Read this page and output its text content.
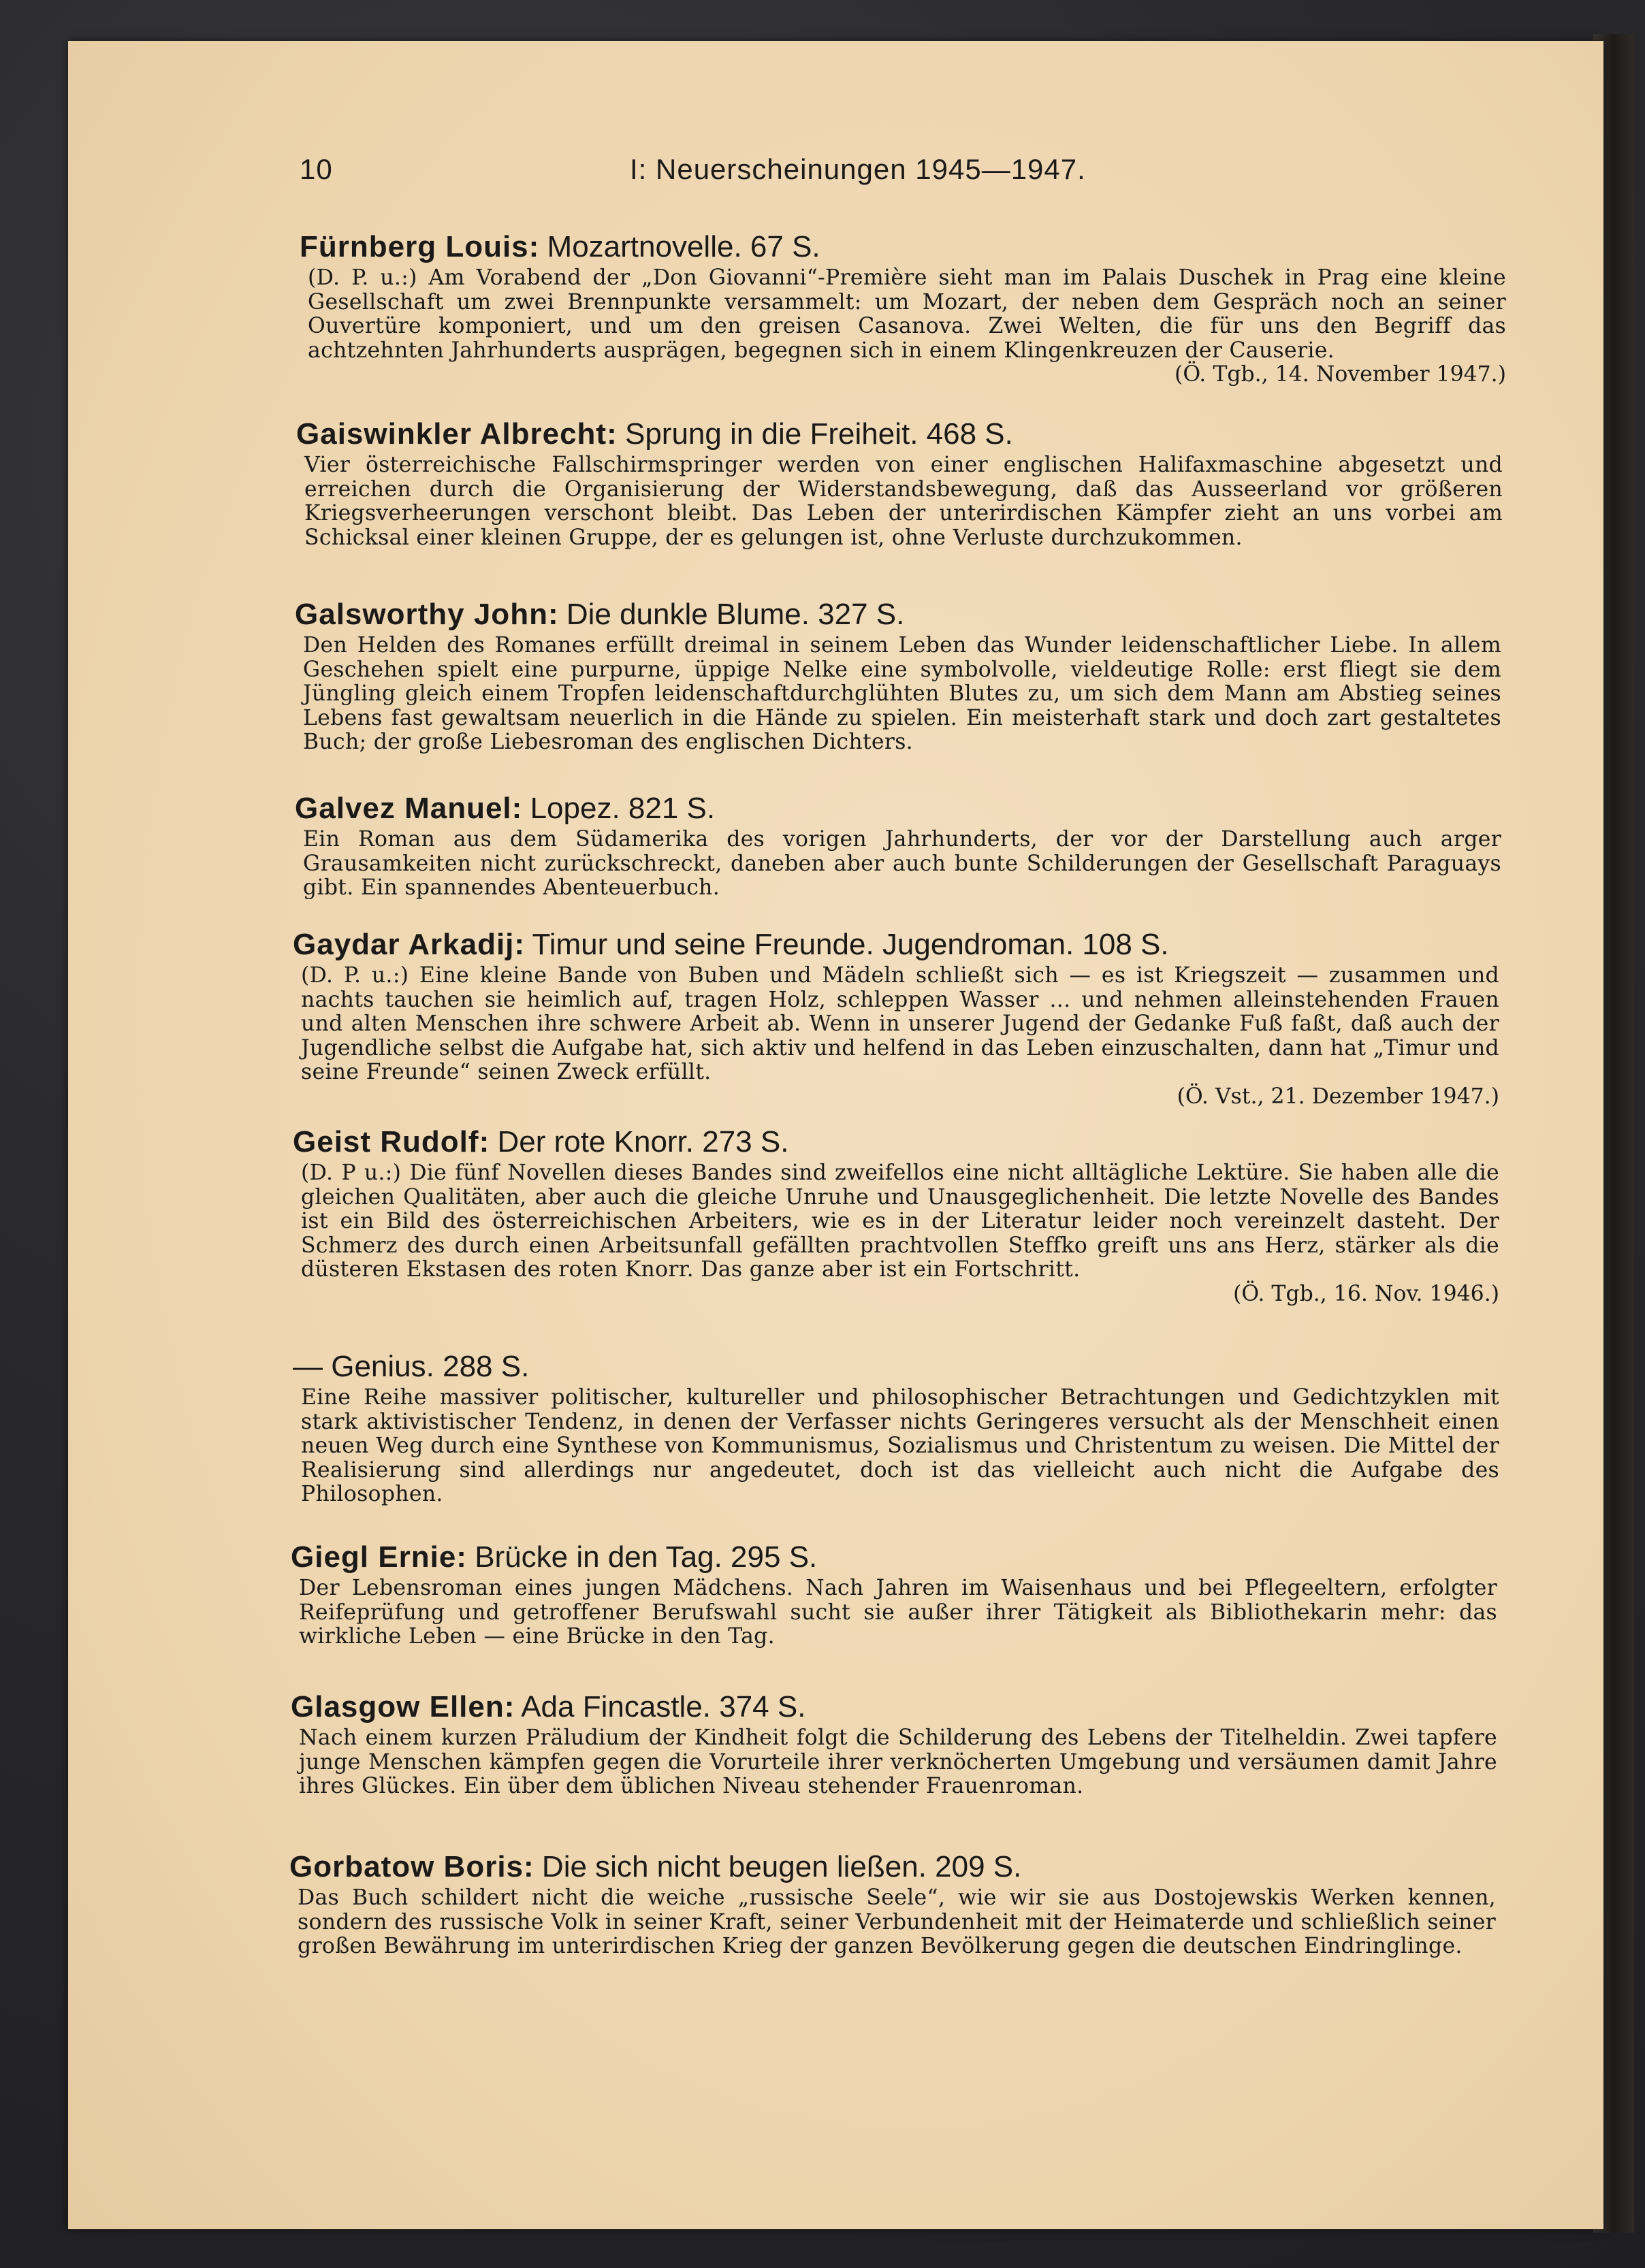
10	I: Neuerscheinungen 1945—1947.
Fürnberg Louis: Mozartnovelle. 67 S.
(D. P. u.:) Am Vorabend der „Don Giovanni“-Première sieht man im Palais Duschek in Prag eine kleine Gesellschaft um zwei Brennpunkte versammelt: um Mozart, der neben dem Gespräch noch an seiner Ouvertüre komponiert, und um den greisen Casanova. Zwei Welten, die für uns den Begriff das achtzehnten Jahrhunderts ausprägen, begegnen sich in einem Klingenkreuzen der Causerie.
(Ö. Tgb., 14. November 1947.)
Gaiswinkler Albrecht: Sprung in die Freiheit. 468 S.
Vier österreichische Fallschirmspringer werden von einer englischen Halifaxmaschine abgesetzt und erreichen durch die Organisierung der Widerstandsbewegung, daß das Ausseerland vor größeren Kriegsverheerungen verschont bleibt. Das Leben der unterirdischen Kämpfer zieht an uns vorbei am Schicksal einer kleinen Gruppe, der es gelungen ist, ohne Verluste durchzukommen.
Galsworthy John: Die dunkle Blume. 327 S.
Den Helden des Romanes erfüllt dreimal in seinem Leben das Wunder leidenschaftlicher Liebe. In allem Geschehen spielt eine purpurne, üppige Nelke eine symbolvolle, vieldeutige Rolle: erst fliegt sie dem Jüngling gleich einem Tropfen leidenschaftdurchglühten Blutes zu, um sich dem Mann am Abstieg seines Lebens fast gewaltsam neuerlich in die Hände zu spielen. Ein meisterhaft stark und doch zart gestaltetes Buch; der große Liebesroman des englischen Dichters.
Galvez Manuel: Lopez. 821 S.
Ein Roman aus dem Südamerika des vorigen Jahrhunderts, der vor der Darstellung auch arger Grausamkeiten nicht zurückschreckt, daneben aber auch bunte Schilderungen der Gesellschaft Paraguays gibt. Ein spannendes Abenteuerbuch.
Gaydar Arkadij: Timur und seine Freunde. Jugendroman. 108 S.
(D. P. u.:) Eine kleine Bande von Buben und Mädeln schließt sich — es ist Kriegszeit — zusammen und nachts tauchen sie heimlich auf, tragen Holz, schleppen Wasser ... und nehmen alleinstehenden Frauen und alten Menschen ihre schwere Arbeit ab. Wenn in unserer Jugend der Gedanke Fuß faßt, daß auch der Jugendliche selbst die Aufgabe hat, sich aktiv und helfend in das Leben einzuschalten, dann hat „Timur und seine Freunde“ seinen Zweck erfüllt.
(Ö. Vst., 21. Dezember 1947.)
Geist Rudolf: Der rote Knorr. 273 S.
(D. P u.:) Die fünf Novellen dieses Bandes sind zweifellos eine nicht alltägliche Lektüre. Sie haben alle die gleichen Qualitäten, aber auch die gleiche Unruhe und Unausgeglichenheit. Die letzte Novelle des Bandes ist ein Bild des österreichischen Arbeiters, wie es in der Literatur leider noch vereinzelt dasteht. Der Schmerz des durch einen Arbeitsunfall gefällten prachtvollen Steffko greift uns ans Herz, stärker als die düsteren Ekstasen des roten Knorr. Das ganze aber ist ein Fortschritt.
(Ö. Tgb., 16. Nov. 1946.)
— Genius. 288 S.
Eine Reihe massiver politischer, kultureller und philosophischer Betrachtungen und Gedichtzyklen mit stark aktivistischer Tendenz, in denen der Verfasser nichts Geringeres versucht als der Menschheit einen neuen Weg durch eine Synthese von Kommunismus, Sozialismus und Christentum zu weisen. Die Mittel der Realisierung sind allerdings nur angedeutet, doch ist das vielleicht auch nicht die Aufgabe des Philosophen.
Giegl Ernie: Brücke in den Tag. 295 S.
Der Lebensroman eines jungen Mädchens. Nach Jahren im Waisenhaus und bei Pflegeeltern, erfolgter Reifeprüfung und getroffener Berufswahl sucht sie außer ihrer Tätigkeit als Bibliothekarin mehr: das wirkliche Leben — eine Brücke in den Tag.
Glasgow Ellen: Ada Fincastle. 374 S.
Nach einem kurzen Präludium der Kindheit folgt die Schilderung des Lebens der Titelheldin. Zwei tapfere junge Menschen kämpfen gegen die Vorurteile ihrer verknöcherten Umgebung und versäumen damit Jahre ihres Glückes. Ein über dem üblichen Niveau stehender Frauenroman.
Gorbatow Boris: Die sich nicht beugen ließen. 209 S.
Das Buch schildert nicht die weiche „russische Seele“, wie wir sie aus Dostojewskis Werken kennen, sondern des russische Volk in seiner Kraft, seiner Verbundenheit mit der Heimaterde und schließlich seiner großen Bewährung im unterirdischen Krieg der ganzen Bevölkerung gegen die deutschen Eindringlinge.
